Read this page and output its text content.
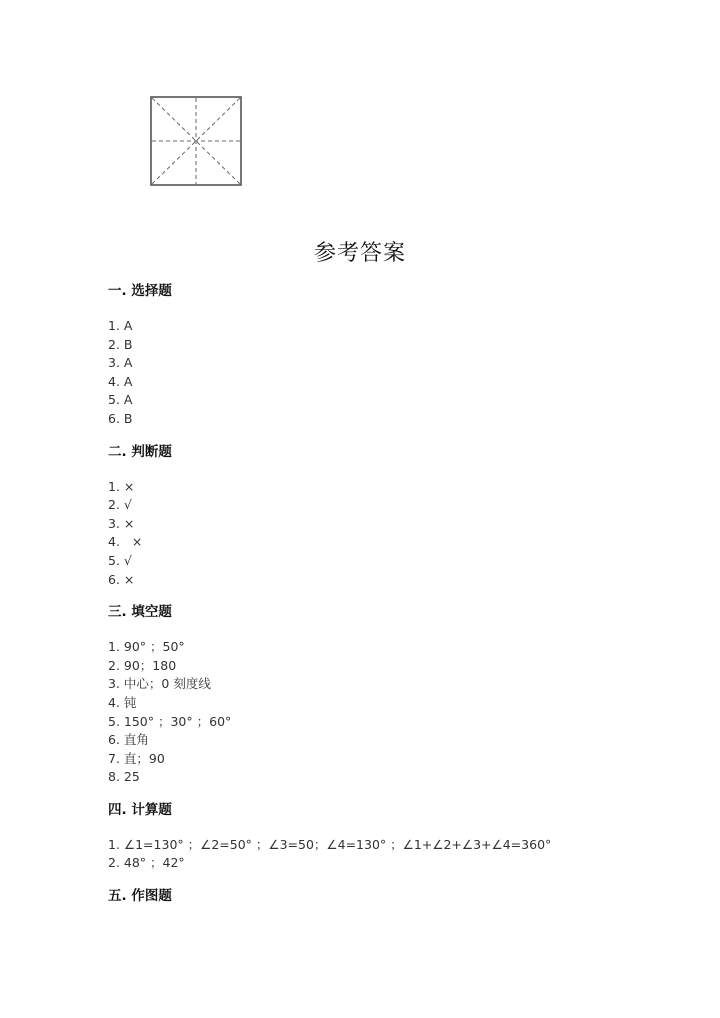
参考答案
一. 选择题
1. A
2. B
3. A
4. A
5. A
6. B
二. 判断题
1. ×
2. √
3. ×
4.   ×
5. √
6. ×
三. 填空题
1. 90° ；50°
2. 90；180
3. 中心；0 刻度线
4. 钝
5. 150° ；30° ；60°
6. 直角
7. 直；90
8. 25
四. 计算题
1. ∠1=130° ；∠2=50° ；∠3=50；∠4=130° ；∠1+∠2+∠3+∠4=360°
2. 48° ；42°
五. 作图题
